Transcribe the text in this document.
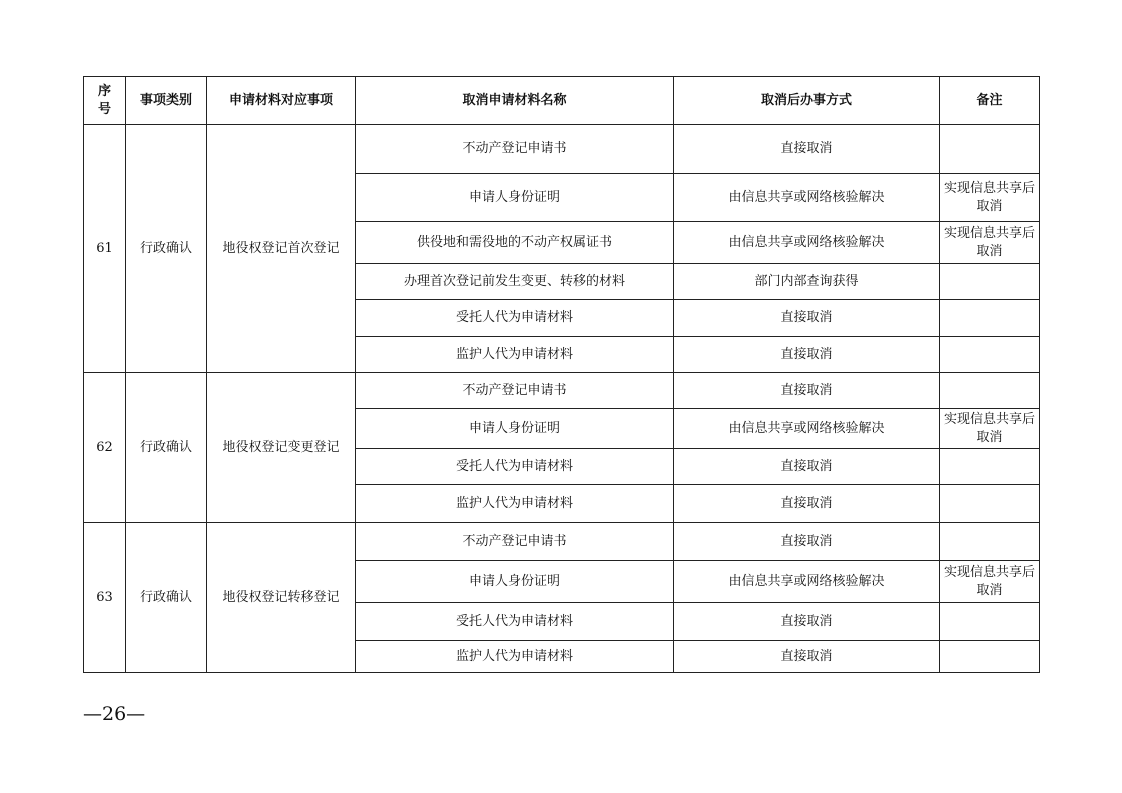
序号	事项类别	申请材料对应事项	取消申请材料名称	取消后办事方式	备注
61	行政确认	地役权登记首次登记	不动产登记申请书	直接取消	
			申请人身份证明	由信息共享或网络核验解决	实现信息共享后取消
			供役地和需役地的不动产权属证书	由信息共享或网络核验解决	实现信息共享后取消
			办理首次登记前发生变更、转移的材料	部门内部查询获得	
			受托人代为申请材料	直接取消	
			监护人代为申请材料	直接取消	
62	行政确认	地役权登记变更登记	不动产登记申请书	直接取消	
			申请人身份证明	由信息共享或网络核验解决	实现信息共享后取消
			受托人代为申请材料	直接取消	
			监护人代为申请材料	直接取消	
63	行政确认	地役权登记转移登记	不动产登记申请书	直接取消	
			申请人身份证明	由信息共享或网络核验解决	实现信息共享后取消
			受托人代为申请材料	直接取消	
			监护人代为申请材料	直接取消	
—26—
